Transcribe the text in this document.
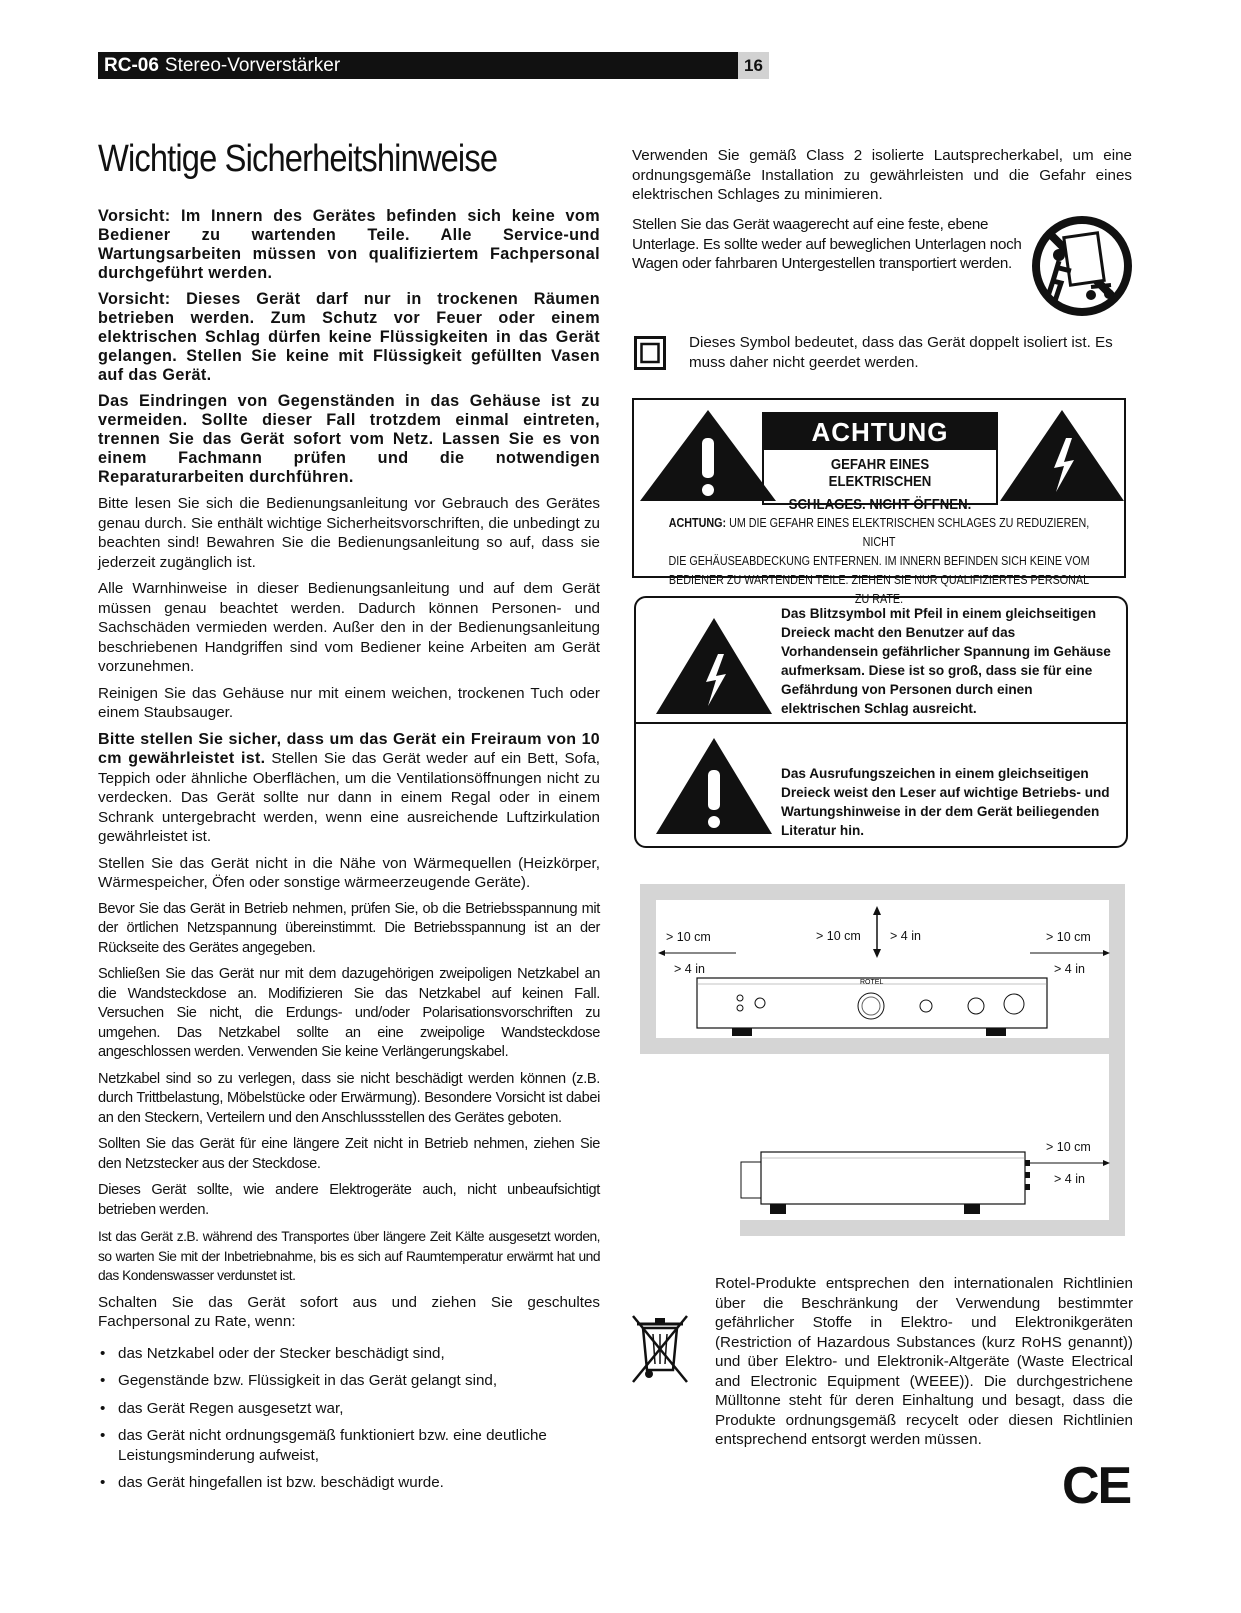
RC-06 Stereo-Vorverstärker	16
Wichtige Sicherheitshinweise

Vorsicht: Im Innern des Gerätes befinden sich keine vom Bediener zu wartenden Teile. Alle Service-und Wartungsarbeiten müssen von qualifiziertem Fachpersonal durchgeführt werden.

Vorsicht: Dieses Gerät darf nur in trockenen Räumen betrieben werden. Zum Schutz vor Feuer oder einem elektrischen Schlag dürfen keine Flüssigkeiten in das Gerät gelangen. Stellen Sie keine mit Flüssigkeit gefüllten Vasen auf das Gerät.

Das Eindringen von Gegenständen in das Gehäuse ist zu vermeiden. Sollte dieser Fall trotzdem einmal eintreten, trennen Sie das Gerät sofort vom Netz. Lassen Sie es von einem Fachmann prüfen und die notwendigen Reparaturarbeiten durchführen.

Bitte lesen Sie sich die Bedienungsanleitung vor Gebrauch des Gerätes genau durch. Sie enthält wichtige Sicherheitsvorschriften, die unbedingt zu beachten sind! Bewahren Sie die Bedienungsanleitung so auf, dass sie jederzeit zugänglich ist.

Alle Warnhinweise in dieser Bedienungsanleitung und auf dem Gerät müssen genau beachtet werden. Dadurch können Personen- und Sachschäden vermieden werden. Außer den in der Bedienungsanleitung beschriebenen Handgriffen sind vom Bediener keine Arbeiten am Gerät vorzunehmen.

Reinigen Sie das Gehäuse nur mit einem weichen, trockenen Tuch oder einem Staubsauger.

Bitte stellen Sie sicher, dass um das Gerät ein Freiraum von 10 cm gewährleistet ist. Stellen Sie das Gerät weder auf ein Bett, Sofa, Teppich oder ähnliche Oberflächen, um die Ventilationsöffnungen nicht zu verdecken. Das Gerät sollte nur dann in einem Regal oder in einem Schrank untergebracht werden, wenn eine ausreichende Luftzirkulation gewährleistet ist.

Stellen Sie das Gerät nicht in die Nähe von Wärmequellen (Heizkörper, Wärmespeicher, Öfen oder sonstige wärmeerzeugende Geräte).

Bevor Sie das Gerät in Betrieb nehmen, prüfen Sie, ob die Betriebsspannung mit der örtlichen Netzspannung übereinstimmt. Die Betriebsspannung ist an der Rückseite des Gerätes angegeben.

Schließen Sie das Gerät nur mit dem dazugehörigen zweipoligen Netzkabel an die Wandsteckdose an. Modifizieren Sie das Netzkabel auf keinen Fall. Versuchen Sie nicht, die Erdungs- und/oder Polarisationsvorschriften zu umgehen. Das Netzkabel sollte an eine zweipolige Wandsteckdose angeschlossen werden. Verwenden Sie keine Verlängerungskabel.

Netzkabel sind so zu verlegen, dass sie nicht beschädigt werden können (z.B. durch Trittbelastung, Möbelstücke oder Erwärmung). Besondere Vorsicht ist dabei an den Steckern, Verteilern und den Anschlussstellen des Gerätes geboten.

Sollten Sie das Gerät für eine längere Zeit nicht in Betrieb nehmen, ziehen Sie den Netzstecker aus der Steckdose.

Dieses Gerät sollte, wie andere Elektrogeräte auch, nicht unbeaufsichtigt betrieben werden.

Ist das Gerät z.B. während des Transportes über längere Zeit Kälte ausgesetzt worden, so warten Sie mit der Inbetriebnahme, bis es sich auf Raumtemperatur erwärmt hat und das Kondenswasser verdunstet ist.

Schalten Sie das Gerät sofort aus und ziehen Sie geschultes Fachpersonal zu Rate, wenn:

• das Netzkabel oder der Stecker beschädigt sind,
• Gegenstände bzw. Flüssigkeit in das Gerät gelangt sind,
• das Gerät Regen ausgesetzt war,
• das Gerät nicht ordnungsgemäß funktioniert bzw. eine deutliche Leistungsminderung aufweist,
• das Gerät hingefallen ist bzw. beschädigt wurde.

Verwenden Sie gemäß Class 2 isolierte Lautsprecherkabel, um eine ordnungsgemäße Installation zu gewährleisten und die Gefahr eines elektrischen Schlages zu minimieren.

Stellen Sie das Gerät waagerecht auf eine feste, ebene Unterlage. Es sollte weder auf beweglichen Unterlagen noch Wagen oder fahrbaren Untergestellen transportiert werden.

Dieses Symbol bedeutet, dass das Gerät doppelt isoliert ist. Es muss daher nicht geerdet werden.

ACHTUNG
GEFAHR EINES ELEKTRISCHEN
SCHLAGES. NICHT ÖFFNEN.
ACHTUNG: UM DIE GEFAHR EINES ELEKTRISCHEN SCHLAGES ZU REDUZIEREN, NICHT
DIE GEHÄUSEABDECKUNG ENTFERNEN. IM INNERN BEFINDEN SICH KEINE VOM
BEDIENER ZU WARTENDEN TEILE. ZIEHEN SIE NUR QUALIFIZIERTES PERSONAL ZU RATE.
Das Blitzsymbol mit Pfeil in einem gleichseitigen Dreieck macht den Benutzer auf das Vorhandensein gefährlicher Spannung im Gehäuse aufmerksam. Diese ist so groß, dass sie für eine Gefährdung von Personen durch einen elektrischen Schlag ausreicht.
Das Ausrufungszeichen in einem gleichseitigen Dreieck weist den Leser auf wichtige Betriebs- und Wartungshinweise in der dem Gerät beiliegenden Literatur hin.
> 10 cm
> 4 in
> 10 cm > 4 in	> 10 cm
> 4 in
ROTEL
> 10 cm
> 4 in

Rotel-Produkte entsprechen den internationalen Richtlinien über die Beschränkung der Verwendung bestimmter gefährlicher Stoffe in Elektro- und Elektronikgeräten (Restriction of Hazardous Substances (kurz RoHS genannt)) und über Elektro- und Elektronik-Altgeräte (Waste Electrical and Electronic Equipment (WEEE)). Die durchgestrichene Mülltonne steht für deren Einhaltung und besagt, dass die Produkte ordnungsgemäß recycelt oder diesen Richtlinien entsprechend entsorgt werden müssen.

CE
